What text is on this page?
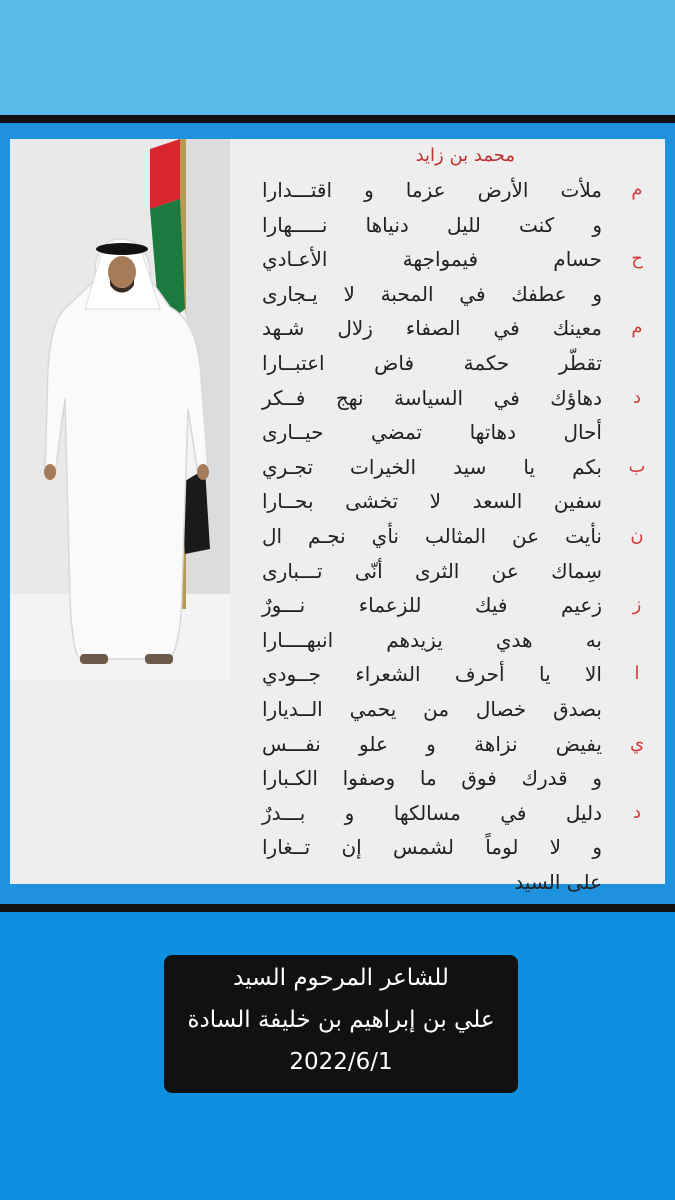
محمد بن زايد
م
ملأت الأرض عزما و اقتـــدارا
و كنت لليل دنياها نـــــهارا
ح
حسام فيمواجهة الأعـادي
و عطفك في المحبة لا يـجارى
م
معينك في الصفاء زلال شـهد
تقطّر حكمة فاض اعتبــارا
د
دهاؤك في السياسة نهج فــكر
أحال دهاتها تمضي حيــارى
ب
بكم يا سيد الخيرات تجـري
سفين السعد لا تخشى بحــارا
ن
نأيت عن المثالب نأي نجـم ال
سِماك عن الثرى أنّى تـــبارى
ز
زعيم فيك للزعماء نـــورٌ
به هدي يزيدهم انبهــــارا
ا
الا يا أحرف الشعراء جــودي
بصدق خصال من يحمي الــديارا
ي
يفيض نزاهة و علو نفـــس
و قدرك فوق ما وصفوا الكـبارا
د
دليل في مسالكها و بـــدرٌ
و لا لوماً لشمس إن تــغارا
على السيد
للشاعر المرحوم السيد
علي بن إبراهيم بن خليفة السادة
2022/6/1
